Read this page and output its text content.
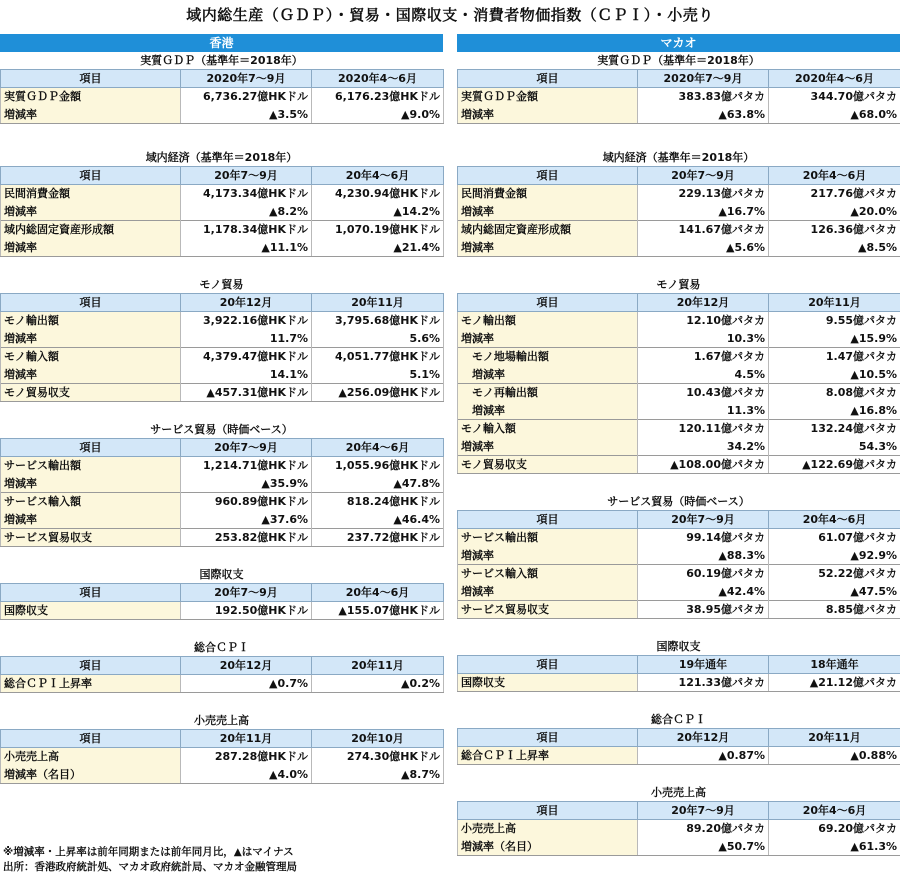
域内総生産（ＧＤＰ）・貿易・国際収支・消費者物価指数（ＣＰＩ）・小売り
香港
実質ＧＤＰ（基準年＝2018年）
項目	2020年7〜9月	2020年4〜6月
実質ＧＤＰ金額	6,736.27億HKドル	6,176.23億HKドル
増減率	▲3.5%	▲9.0%
域内経済（基準年＝2018年）
項目	20年7〜9月	20年4〜6月
民間消費金額	4,173.34億HKドル	4,230.94億HKドル
増減率	▲8.2%	▲14.2%
域内総固定資産形成額	1,178.34億HKドル	1,070.19億HKドル
増減率	▲11.1%	▲21.4%
モノ貿易
項目	20年12月	20年11月
モノ輸出額	3,922.16億HKドル	3,795.68億HKドル
増減率	11.7%	5.6%
モノ輸入額	4,379.47億HKドル	4,051.77億HKドル
増減率	14.1%	5.1%
モノ貿易収支	▲457.31億HKドル	▲256.09億HKドル
サービス貿易（時価ベース）
項目	20年7〜9月	20年4〜6月
サービス輸出額	1,214.71億HKドル	1,055.96億HKドル
増減率	▲35.9%	▲47.8%
サービス輸入額	960.89億HKドル	818.24億HKドル
増減率	▲37.6%	▲46.4%
サービス貿易収支	253.82億HKドル	237.72億HKドル
国際収支
項目	20年7〜9月	20年4〜6月
国際収支	192.50億HKドル	▲155.07億HKドル
総合ＣＰＩ
項目	20年12月	20年11月
総合ＣＰＩ上昇率	▲0.7%	▲0.2%
小売売上高
項目	20年11月	20年10月
小売売上高	287.28億HKドル	274.30億HKドル
増減率（名目）	▲4.0%	▲8.7%
マカオ
実質ＧＤＰ（基準年＝2018年）
項目	2020年7〜9月	2020年4〜6月
実質ＧＤＰ金額	383.83億パタカ	344.70億パタカ
増減率	▲63.8%	▲68.0%
域内経済（基準年＝2018年）
項目	20年7〜9月	20年4〜6月
民間消費金額	229.13億パタカ	217.76億パタカ
増減率	▲16.7%	▲20.0%
域内総固定資産形成額	141.67億パタカ	126.36億パタカ
増減率	▲5.6%	▲8.5%
モノ貿易
項目	20年12月	20年11月
モノ輸出額	12.10億パタカ	9.55億パタカ
増減率	10.3%	▲15.9%
モノ地場輸出額	1.67億パタカ	1.47億パタカ
増減率	4.5%	▲10.5%
モノ再輸出額	10.43億パタカ	8.08億パタカ
増減率	11.3%	▲16.8%
モノ輸入額	120.11億パタカ	132.24億パタカ
増減率	34.2%	54.3%
モノ貿易収支	▲108.00億パタカ	▲122.69億パタカ
サービス貿易（時価ベース）
項目	20年7〜9月	20年4〜6月
サービス輸出額	99.14億パタカ	61.07億パタカ
増減率	▲88.3%	▲92.9%
サービス輸入額	60.19億パタカ	52.22億パタカ
増減率	▲42.4%	▲47.5%
サービス貿易収支	38.95億パタカ	8.85億パタカ
国際収支
項目	19年通年	18年通年
国際収支	121.33億パタカ	▲21.12億パタカ
総合ＣＰＩ
項目	20年12月	20年11月
総合ＣＰＩ上昇率	▲0.87%	▲0.88%
小売売上高
項目	20年7〜9月	20年4〜6月
小売売上高	89.20億パタカ	69.20億パタカ
増減率（名目）	▲50.7%	▲61.3%
※増減率・上昇率は前年同期または前年同月比，▲はマイナス
出所：香港政府統計処、マカオ政府統計局、マカオ金融管理局
